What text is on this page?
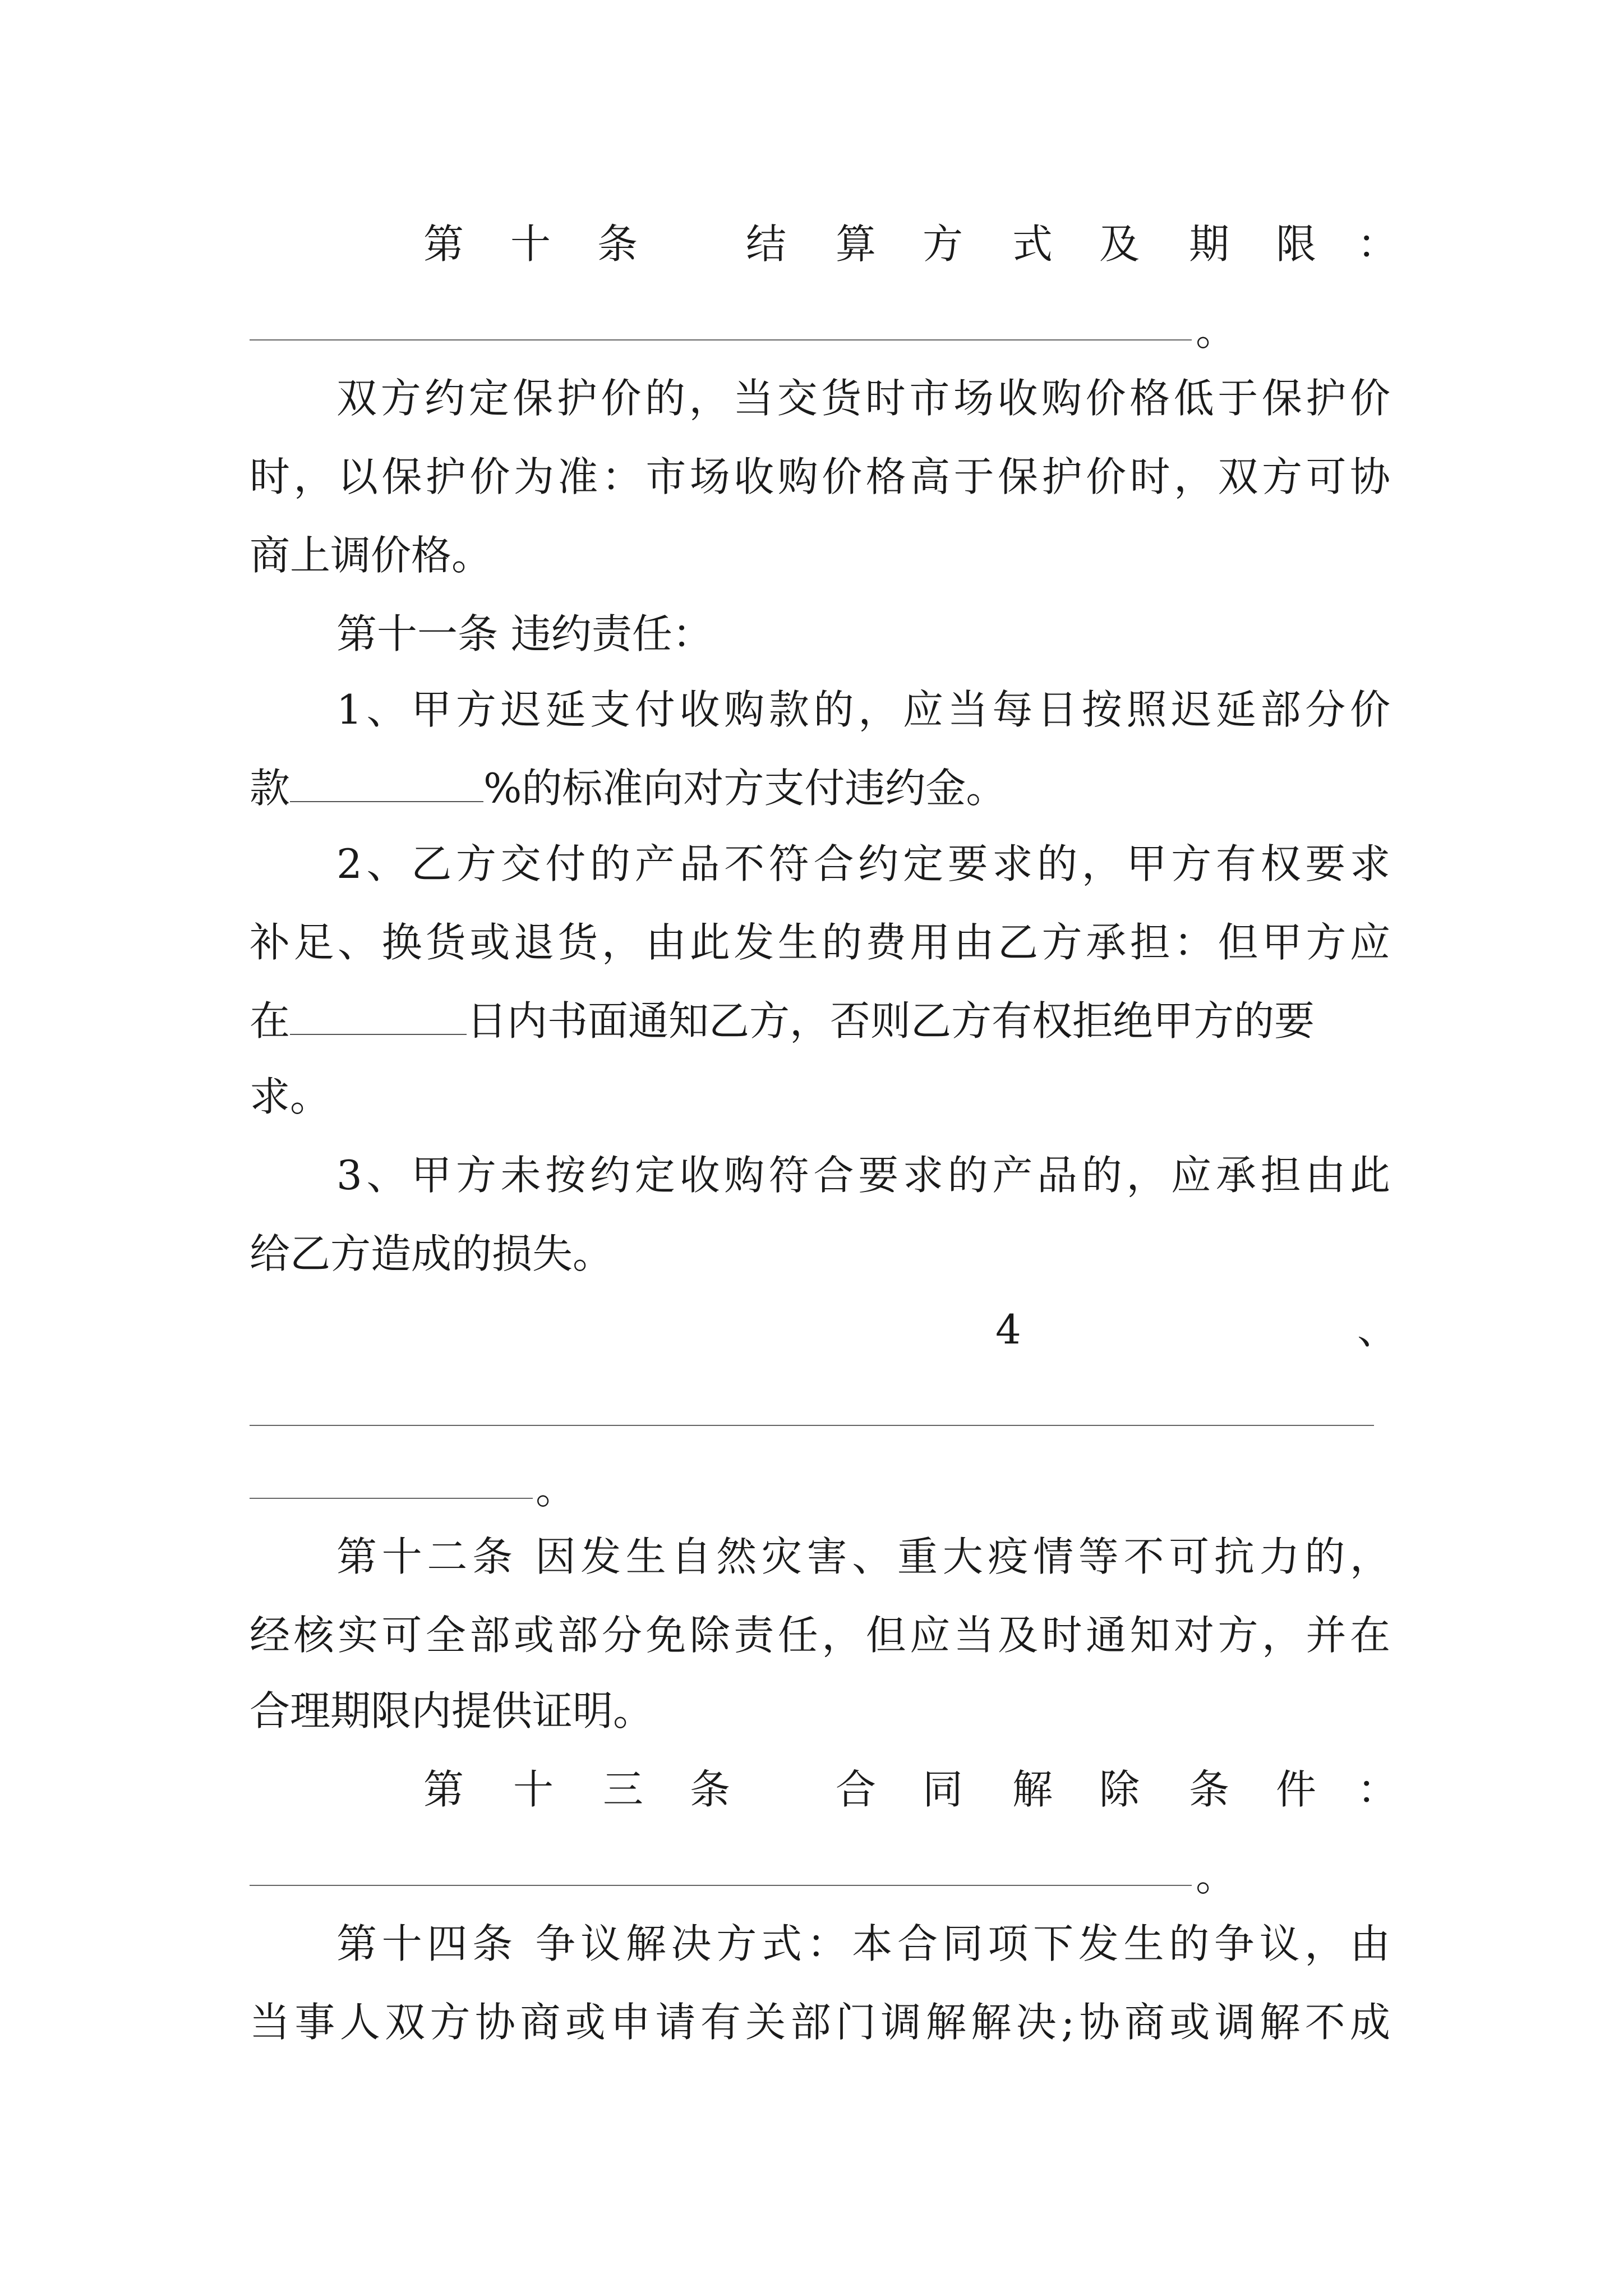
第 十 条	结 算 方 式 及 期 限 ：
。

双方约定保护价的，当交货时市场收购价格低于保护价

时，以保护价为准：市场收购价格高于保护价时，双方可协

商上调价格。

第十一条 违约责任：

1、甲方迟延支付收购款的，应当每日按照迟延部分价

款	%的标准向对方支付违约金。

2、乙方交付的产品不符合约定要求的，甲方有权要求

补足、换货或退货，由此发生的费用由乙方承担：但甲方应

在	日内书面通知乙方，否则乙方有权拒绝甲方的要

求。

3、甲方未按约定收购符合要求的产品的，应承担由此

给乙方造成的损失。

4	、
。

第十二条 因发生自然灾害、重大疫情等不可抗力的，

经核实可全部或部分免除责任，但应当及时通知对方，并在

合理期限内提供证明。

第 十 三 条	合 同 解 除 条 件 ：
。

第十四条 争议解决方式：本合同项下发生的争议，由

当事人双方协商或申请有关部门调解解决;协商或调解不成
